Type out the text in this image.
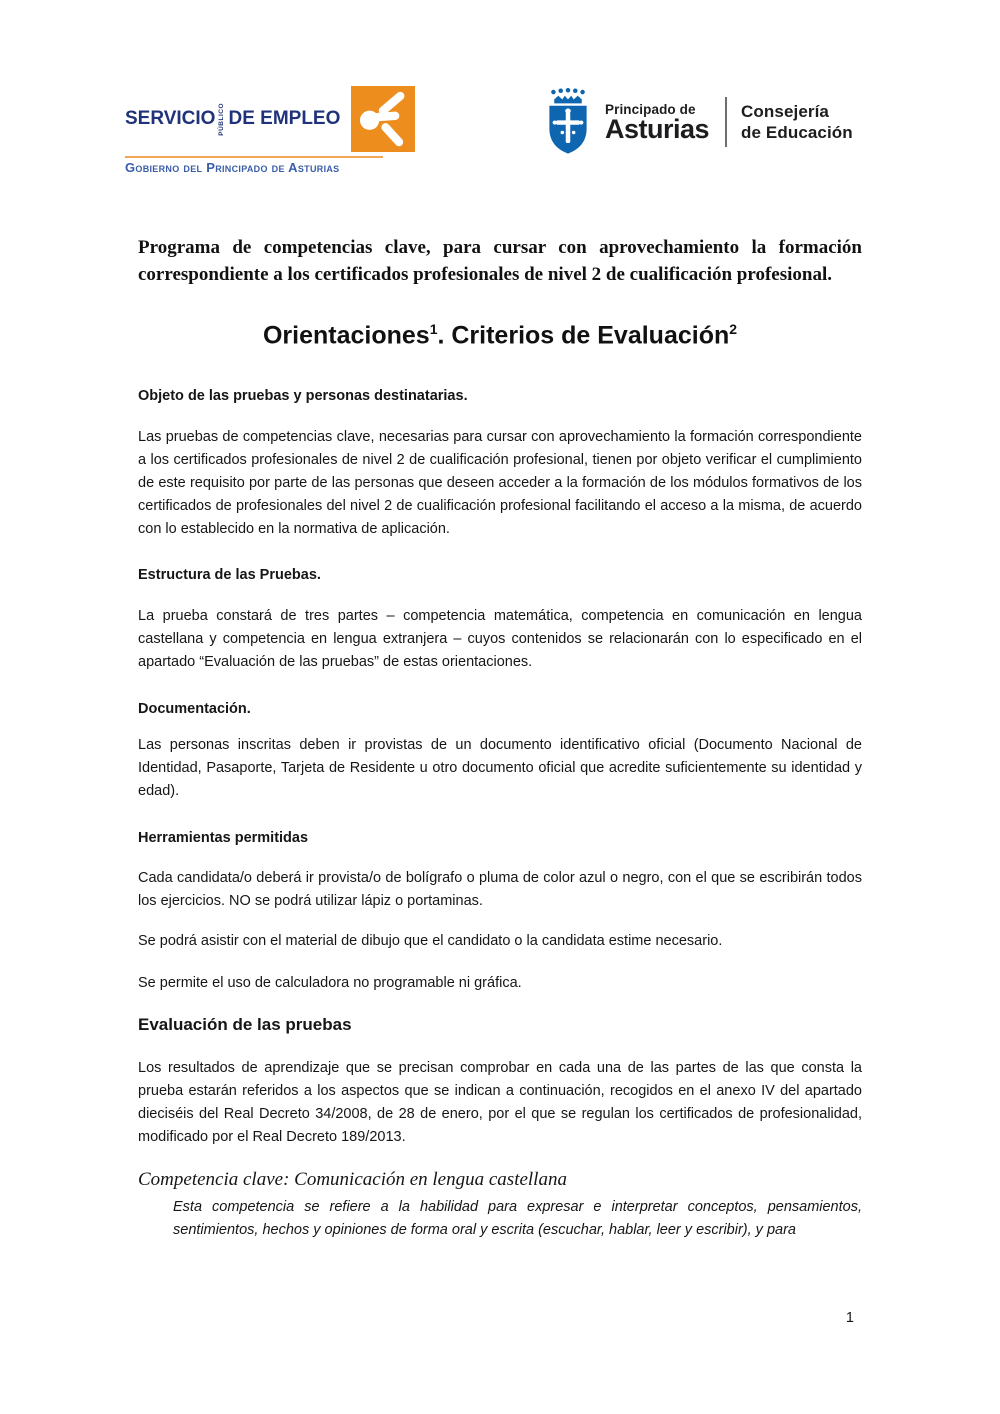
SERVICIO PÚBLICO DE EMPLEO
Gobierno del Principado de Asturias
Principado de
Asturias
Consejería
de Educación

Programa de competencias clave, para cursar con aprovechamiento la formación correspondiente a los certificados profesionales de nivel 2 de cualificación profesional.

Orientaciones$^1$. Criterios de Evaluación$^2$
Objeto de las pruebas y personas destinatarias.

Las pruebas de competencias clave, necesarias para cursar con aprovechamiento la formación correspondiente a los certificados profesionales de nivel 2 de cualificación profesional, tienen por objeto verificar el cumplimiento de este requisito por parte de las personas que deseen acceder a la formación de los módulos formativos de los certificados de profesionales del nivel 2 de cualificación profesional facilitando el acceso a la misma, de acuerdo con lo establecido en la normativa de aplicación.

Estructura de las Pruebas.

La prueba constará de tres partes – competencia matemática, competencia en comunicación en lengua castellana y competencia en lengua extranjera – cuyos contenidos se relacionarán con lo especificado en el apartado “Evaluación de las pruebas” de estas orientaciones.

Documentación.

Las personas inscritas deben ir provistas de un documento identificativo oficial (Documento Nacional de Identidad, Pasaporte, Tarjeta de Residente u otro documento oficial que acredite suficientemente su identidad y edad).

Herramientas permitidas

Cada candidata/o deberá ir provista/o de bolígrafo o pluma de color azul o negro, con el que se escribirán todos los ejercicios. NO se podrá utilizar lápiz o portaminas.

Se podrá asistir con el material de dibujo que el candidato o la candidata estime necesario.

Se permite el uso de calculadora no programable ni gráfica.

Evaluación de las pruebas

Los resultados de aprendizaje que se precisan comprobar en cada una de las partes de las que consta la prueba estarán referidos a los aspectos que se indican a continuación, recogidos en el anexo IV del apartado dieciséis del Real Decreto 34/2008, de 28 de enero, por el que se regulan los certificados de profesionalidad, modificado por el Real Decreto 189/2013.

Competencia clave: Comunicación en lengua castellana

Esta competencia se refiere a la habilidad para expresar e interpretar conceptos, pensamientos, sentimientos, hechos y opiniones de forma oral y escrita (escuchar, hablar, leer y escribir), y para

1
